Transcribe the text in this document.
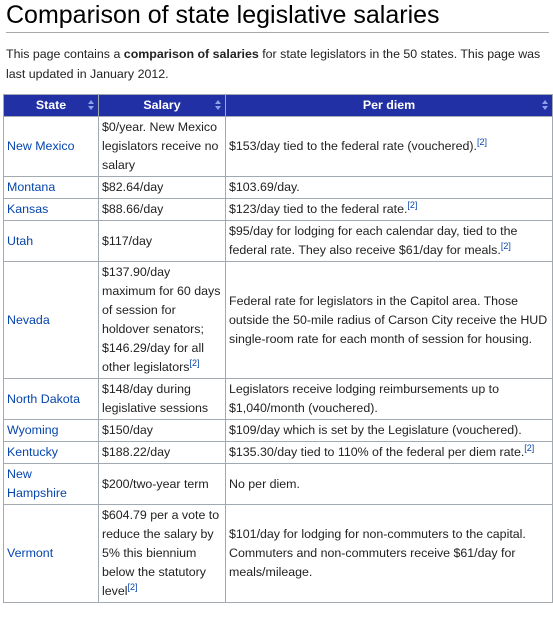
Comparison of state legislative salaries

This page contains a comparison of salaries for state legislators in the 50 states. This page was last updated in January 2012.

State	Salary	Per diem

New Mexico	$0/year. New Mexico legislators receive no salary	$153/day tied to the federal rate (vouchered).[2]
Montana	$82.64/day	$103.69/day.
Kansas	$88.66/day	$123/day tied to the federal rate.[2]
Utah	$117/day	$95/day for lodging for each calendar day, tied to the federal rate. They also receive $61/day for meals.[2]
Nevada	$137.90/day maximum for 60 days of session for holdover senators; $146.29/day for all other legislators[2]	Federal rate for legislators in the Capitol area. Those outside the 50-mile radius of Carson City receive the HUD single-room rate for each month of session for housing.
North Dakota	$148/day during legislative sessions	Legislators receive lodging reimbursements up to $1,040/month (vouchered).
Wyoming	$150/day	$109/day which is set by the Legislature (vouchered).
Kentucky	$188.22/day	$135.30/day tied to 110% of the federal per diem rate.[2]
New Hampshire	$200/two-year term	No per diem.
Vermont	$604.79 per a vote to reduce the salary by 5% this biennium below the statutory level[2]	$101/day for lodging for non-commuters to the capital. Commuters and non-commuters receive $61/day for meals/mileage.
